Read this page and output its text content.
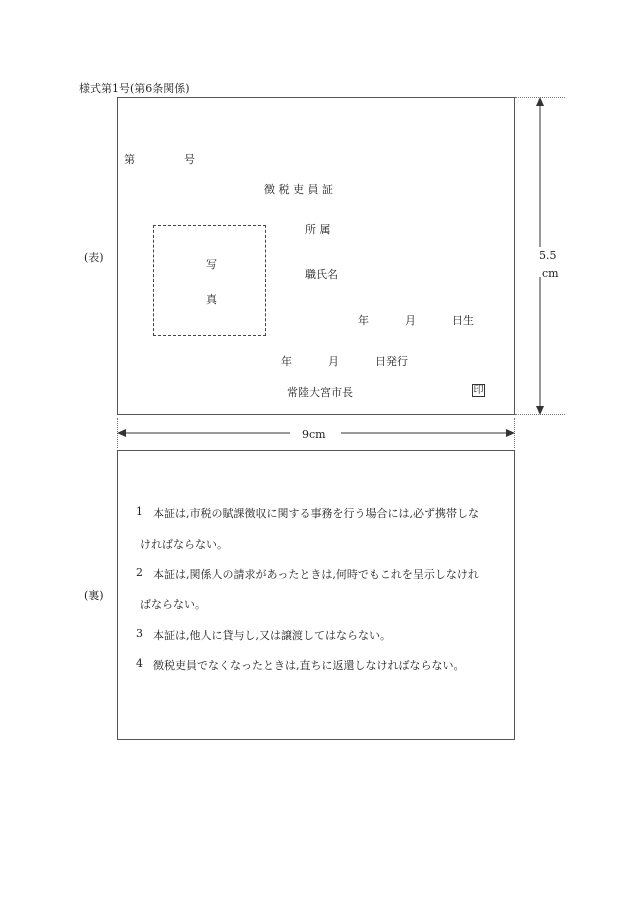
様式第1号(第6条関係)
(表)
第	号
徴 税 吏 員 証
写
真
所 属
職氏名
年	月	日生
年	月	日発行
常陸大宮市長	印
5.5
cm
9cm
(裏)
1 本証は,市税の賦課徴収に関する事務を行う場合には,必ず携帯しな
ければならない。
2 本証は,関係人の請求があったときは,何時でもこれを呈示しなけれ
ばならない。
3 本証は,他人に貸与し,又は譲渡してはならない。
4 徴税吏員でなくなったときは,直ちに返還しなければならない。
